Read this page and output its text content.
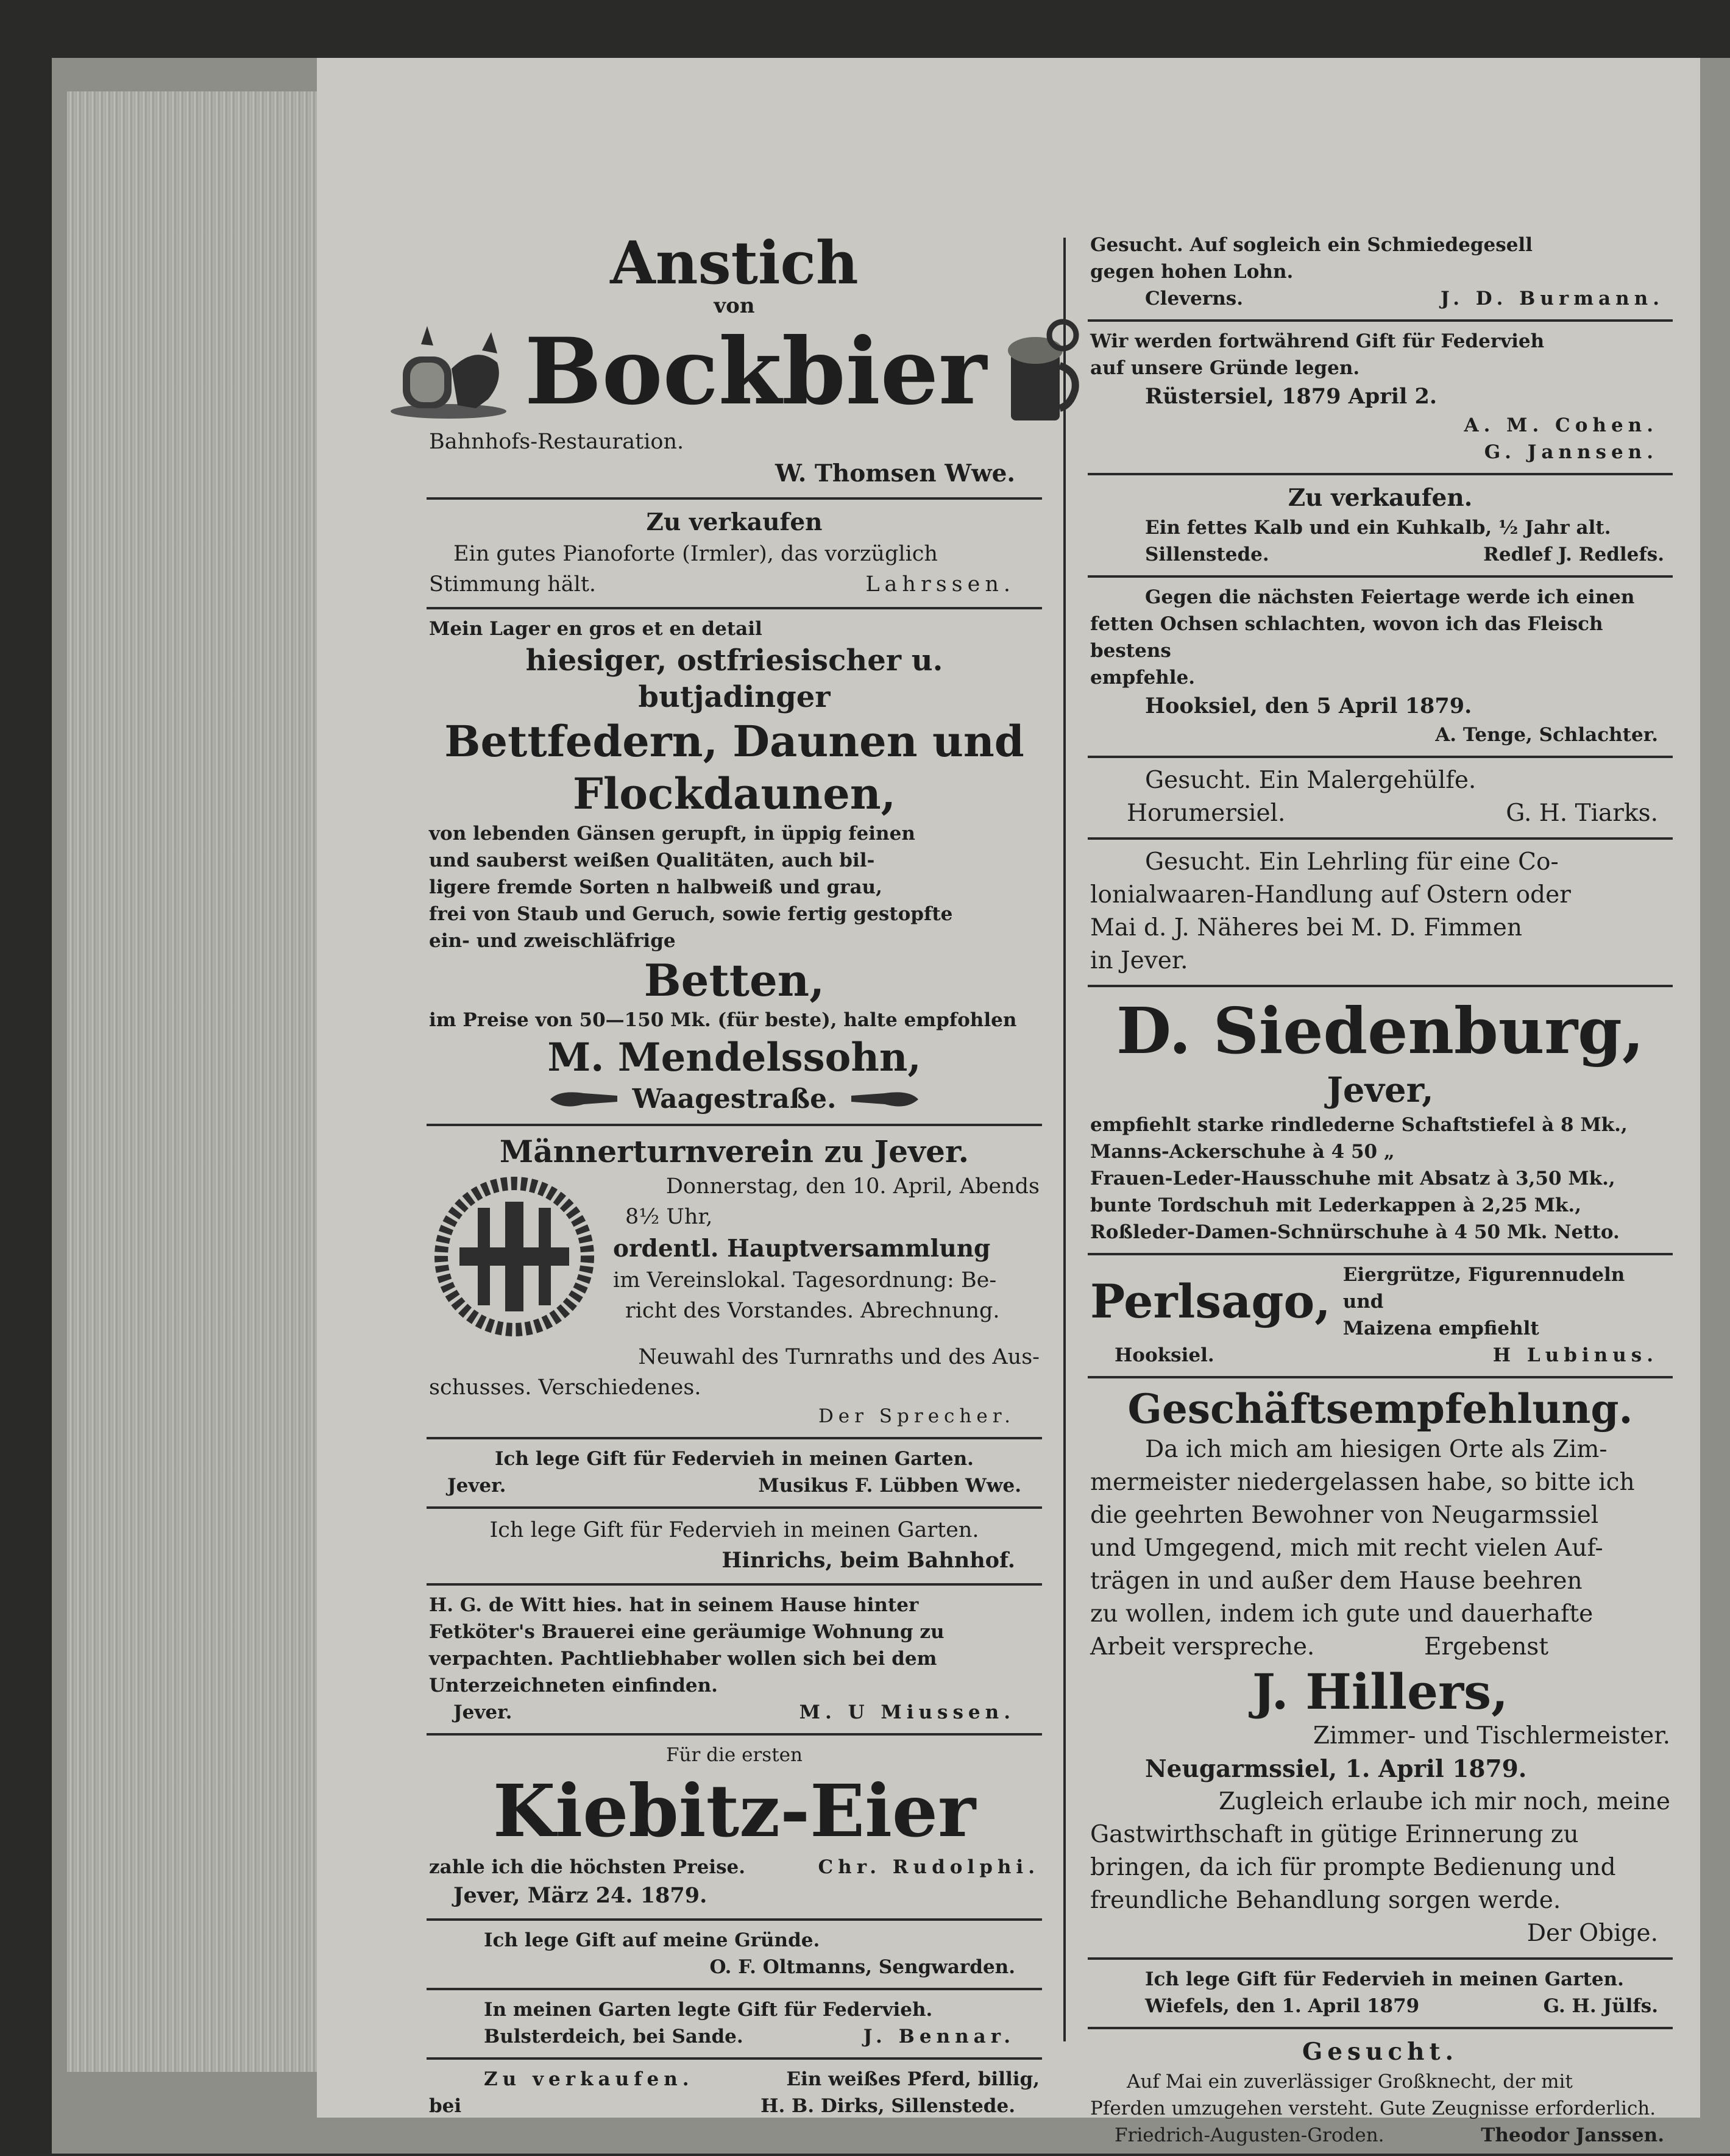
Anstich
von
Bockbier
Bahnhofs-Restauration.
W. Thomsen Wwe.
Zu verkaufen
Ein gutes Pianoforte (Irmler), das vorzüglich
Stimmung hält.	Lahrssen.
Mein Lager en gros et en detail
hiesiger, ostfriesischer u. butjadinger
Bettfedern, Daunen und
Flockdaunen,
von lebenden Gänsen gerupft, in üppig feinen
und sauberst weißen Qualitäten, auch bil-
ligere fremde Sorten n halbweiß und grau,
frei von Staub und Geruch, sowie fertig gestopfte
ein- und zweischläfrige
Betten,
im Preise von 50—150 Mk. (für beste), halte empfohlen
M. Mendelssohn,
Waagestraße.
Männerturnverein zu Jever.
Donnerstag, den 10. April, Abends
8½ Uhr,
ordentl. Hauptversammlung
im Vereinslokal. Tagesordnung: Be-
richt des Vorstandes. Abrechnung.
Neuwahl des Turnraths und des Aus-
schusses. Verschiedenes.
Der Sprecher.
Ich lege Gift für Federvieh in meinen Garten.
Jever.	Musikus F. Lübben Wwe.
Ich lege Gift für Federvieh in meinen Garten.
Hinrichs, beim Bahnhof.
H. G. de Witt hies. hat in seinem Hause hinter
Fetköter's Brauerei eine geräumige Wohnung zu
verpachten. Pachtliebhaber wollen sich bei dem
Unterzeichneten einfinden.
Jever.	M. U Miussen.
Für die ersten
Kiebitz-Eier
zahle ich die höchsten Preise.	Chr. Rudolphi.
Jever, März 24. 1879.
Ich lege Gift auf meine Gründe.
O. F. Oltmanns, Sengwarden.
In meinen Garten legte Gift für Federvieh.
Bulsterdeich, bei Sande.	J. Bennar.
Zu verkaufen.	Ein weißes Pferd, billig,
bei	H. B. Dirks, Sillenstede.
Gesucht. Auf sogleich ein Schmiedegesell
gegen hohen Lohn.
Cleverns.	J. D. Burmann.
Wir werden fortwährend Gift für Federvieh
auf unsere Gründe legen.
Rüstersiel, 1879 April 2.
A. M. Cohen.
G. Jannsen.
Zu verkaufen.
Ein fettes Kalb und ein Kuhkalb, ½ Jahr alt.
Sillenstede.	Redlef J. Redlefs.
Gegen die nächsten Feiertage werde ich einen
fetten Ochsen schlachten, wovon ich das Fleisch bestens
empfehle.
Hooksiel, den 5 April 1879.
A. Tenge, Schlachter.
Gesucht. Ein Malergehülfe.
Horumersiel.	G. H. Tiarks.
Gesucht. Ein Lehrling für eine Co-
lonialwaaren-Handlung auf Ostern oder
Mai d. J. Näheres bei M. D. Fimmen
in Jever.
D. Siedenburg,
Jever,
empfiehlt starke rindlederne Schaftstiefel à 8 Mk.,
Manns-Ackerschuhe à 4 50 „
Frauen-Leder-Hausschuhe mit Absatz à 3,50 Mk.,
bunte Tordschuh mit Lederkappen à 2,25 Mk.,
Roßleder-Damen-Schnürschuhe à 4 50 Mk. Netto.
Perlsago, Eiergrütze, Figurennudeln und
Maizena empfiehlt
Hooksiel.	H Lubinus.
Geschäftsempfehlung.
Da ich mich am hiesigen Orte als Zim-
mermeister niedergelassen habe, so bitte ich
die geehrten Bewohner von Neugarmssiel
und Umgegend, mich mit recht vielen Auf-
trägen in und außer dem Hause beehren
zu wollen, indem ich gute und dauerhafte
Arbeit verspreche.	Ergebenst
J. Hillers,
Zimmer- und Tischlermeister.
Neugarmssiel, 1. April 1879.
Zugleich erlaube ich mir noch, meine
Gastwirthschaft in gütige Erinnerung zu
bringen, da ich für prompte Bedienung und
freundliche Behandlung sorgen werde.
Der Obige.
Ich lege Gift für Federvieh in meinen Garten.
Wiefels, den 1. April 1879	G. H. Jülfs.
Gesucht.
Auf Mai ein zuverlässiger Großknecht, der mit
Pferden umzugehen versteht. Gute Zeugnisse erforderlich.
Friedrich-Augusten-Groden.	Theodor Janssen.
